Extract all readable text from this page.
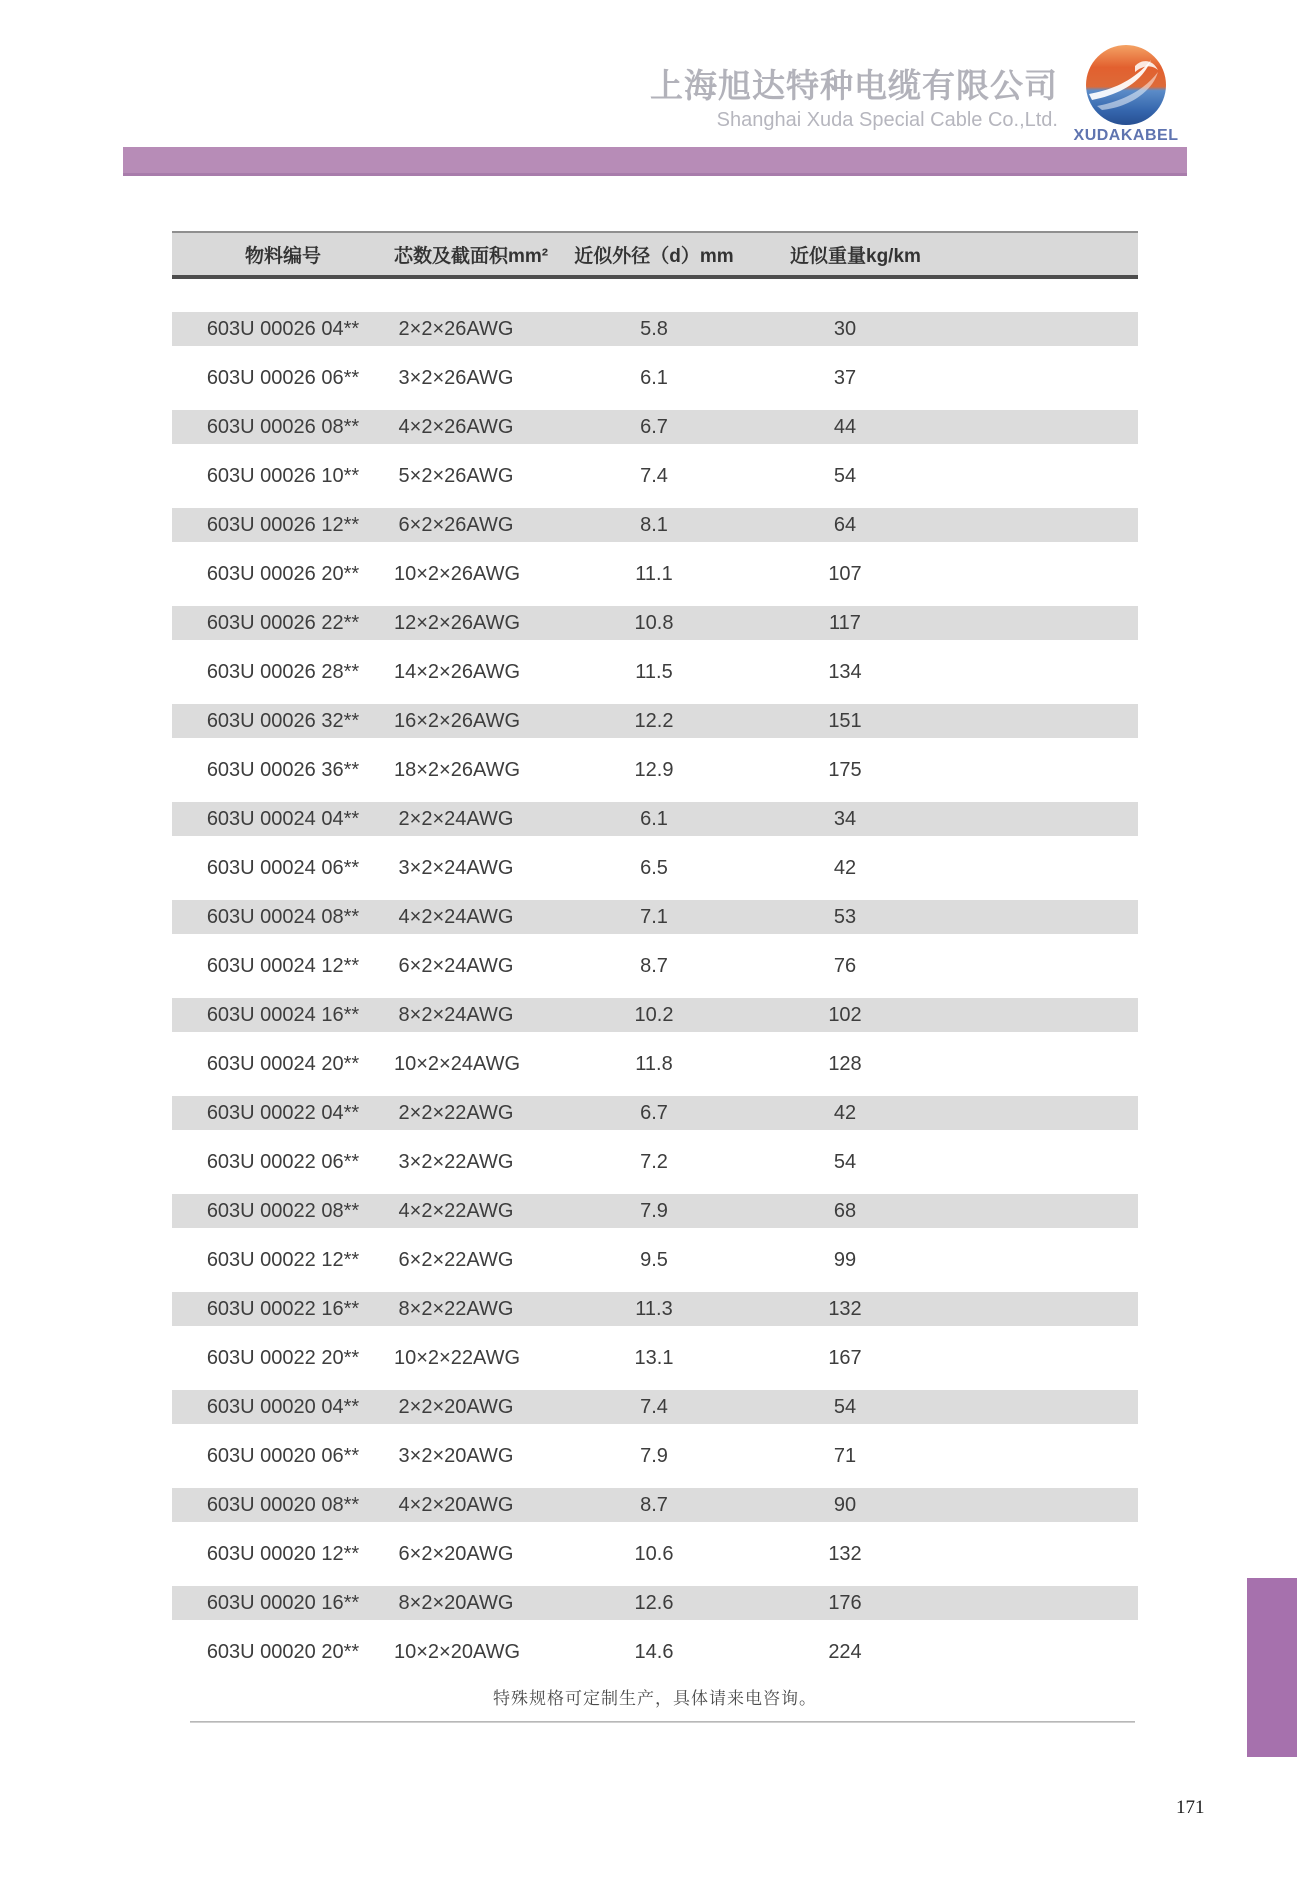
上海旭达特种电缆有限公司
Shanghai Xuda Special Cable Co.,Ltd.
XUDAKABEL
物料编号	芯数及截面积mm²	近似外径（d）mm	近似重量kg/km
603U 00026 04**	2×2×26AWG	5.8	30
603U 00026 06**	3×2×26AWG	6.1	37
603U 00026 08**	4×2×26AWG	6.7	44
603U 00026 10**	5×2×26AWG	7.4	54
603U 00026 12**	6×2×26AWG	8.1	64
603U 00026 20**	10×2×26AWG	11.1	107
603U 00026 22**	12×2×26AWG	10.8	117
603U 00026 28**	14×2×26AWG	11.5	134
603U 00026 32**	16×2×26AWG	12.2	151
603U 00026 36**	18×2×26AWG	12.9	175
603U 00024 04**	2×2×24AWG	6.1	34
603U 00024 06**	3×2×24AWG	6.5	42
603U 00024 08**	4×2×24AWG	7.1	53
603U 00024 12**	6×2×24AWG	8.7	76
603U 00024 16**	8×2×24AWG	10.2	102
603U 00024 20**	10×2×24AWG	11.8	128
603U 00022 04**	2×2×22AWG	6.7	42
603U 00022 06**	3×2×22AWG	7.2	54
603U 00022 08**	4×2×22AWG	7.9	68
603U 00022 12**	6×2×22AWG	9.5	99
603U 00022 16**	8×2×22AWG	11.3	132
603U 00022 20**	10×2×22AWG	13.1	167
603U 00020 04**	2×2×20AWG	7.4	54
603U 00020 06**	3×2×20AWG	7.9	71
603U 00020 08**	4×2×20AWG	8.7	90
603U 00020 12**	6×2×20AWG	10.6	132
603U 00020 16**	8×2×20AWG	12.6	176
603U 00020 20**	10×2×20AWG	14.6	224
特殊规格可定制生产，具体请来电咨询。
171
